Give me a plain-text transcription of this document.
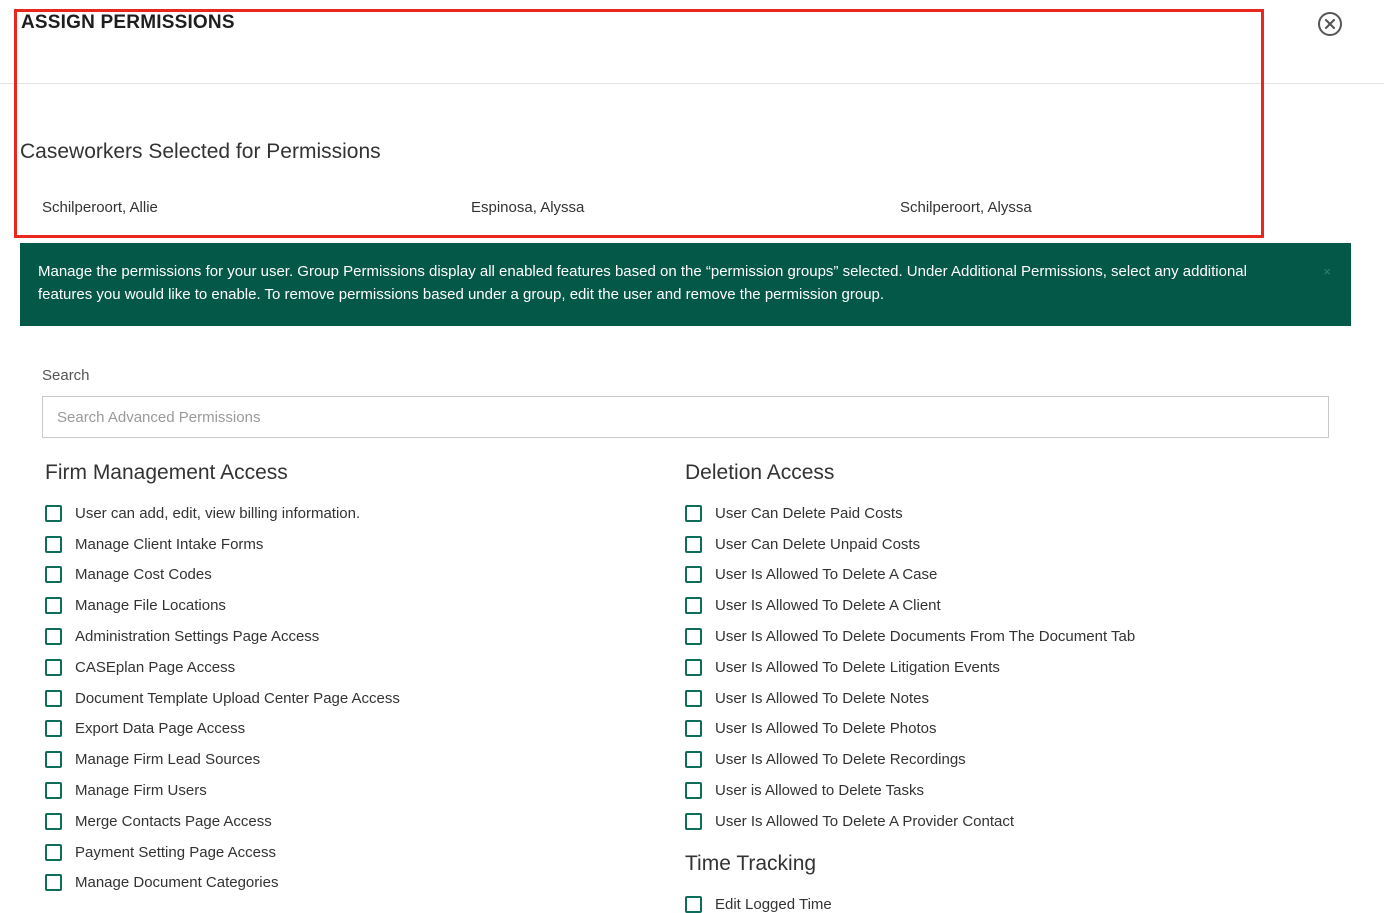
ASSIGN PERMISSIONS
Caseworkers Selected for Permissions
Schilperoort, Allie	Espinosa, Alyssa	Schilperoort, Alyssa
Manage the permissions for your user. Group Permissions display all enabled features based on the “permission groups” selected. Under Additional Permissions, select any additional features you would like to enable. To remove permissions based under a group, edit the user and remove the permission group.
×
Search
Search Advanced Permissions
Firm Management Access
User can add, edit, view billing information.
Manage Client Intake Forms
Manage Cost Codes
Manage File Locations
Administration Settings Page Access
CASEplan Page Access
Document Template Upload Center Page Access
Export Data Page Access
Manage Firm Lead Sources
Manage Firm Users
Merge Contacts Page Access
Payment Setting Page Access
Manage Document Categories
Deletion Access
User Can Delete Paid Costs
User Can Delete Unpaid Costs
User Is Allowed To Delete A Case
User Is Allowed To Delete A Client
User Is Allowed To Delete Documents From The Document Tab
User Is Allowed To Delete Litigation Events
User Is Allowed To Delete Notes
User Is Allowed To Delete Photos
User Is Allowed To Delete Recordings
User is Allowed to Delete Tasks
User Is Allowed To Delete A Provider Contact
Time Tracking
Edit Logged Time
